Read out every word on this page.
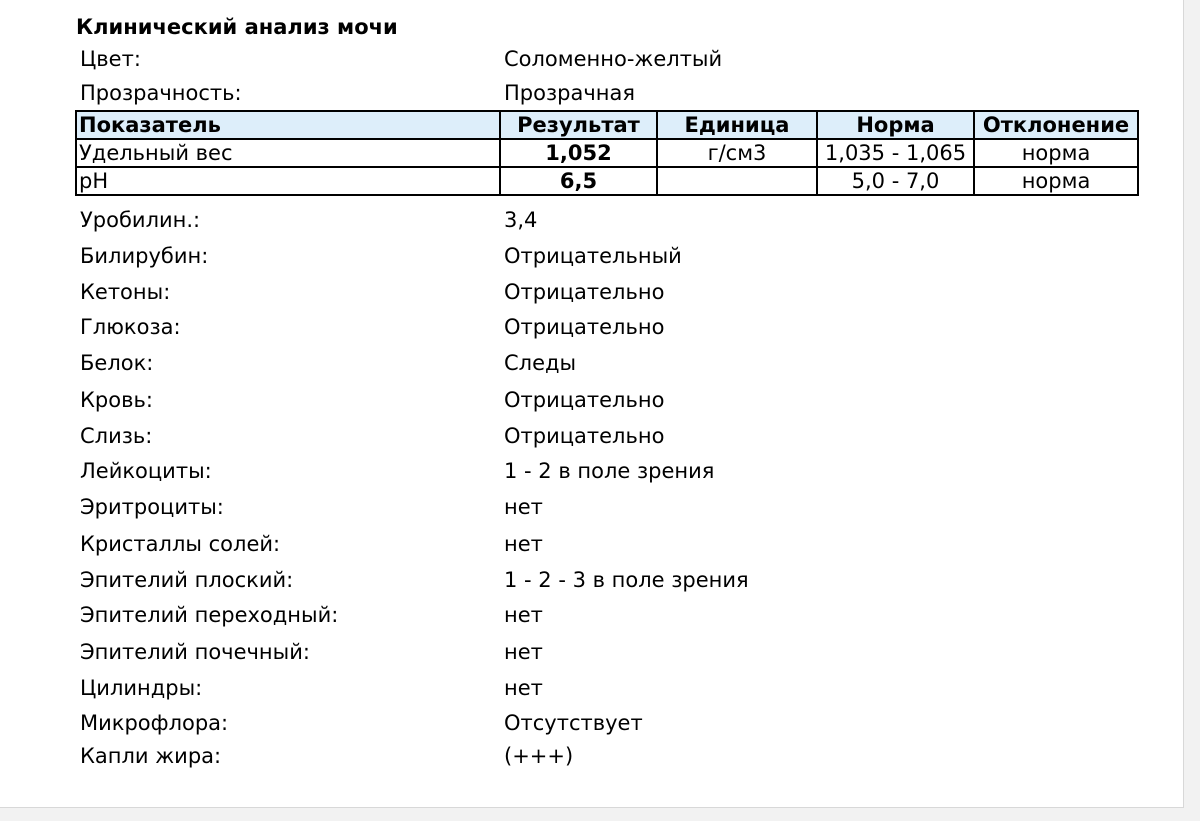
Клинический анализ мочи
Цвет:	Соломенно-желтый
Прозрачность:	Прозрачная
Показатель	Результат	Единица	Норма	Отклонение
Удельный вес	1,052	г/см3	1,035 - 1,065	норма
pH	6,5		5,0 - 7,0	норма
Уробилин.:	3,4
Билирубин:	Отрицательный
Кетоны:	Отрицательно
Глюкоза:	Отрицательно
Белок:	Следы
Кровь:	Отрицательно
Слизь:	Отрицательно
Лейкоциты:	1 - 2 в поле зрения
Эритроциты:	нет
Кристаллы солей:	нет
Эпителий плоский:	1 - 2 - 3 в поле зрения
Эпителий переходный:	нет
Эпителий почечный:	нет
Цилиндры:	нет
Микрофлора:	Отсутствует
Капли жира:	(+++)
